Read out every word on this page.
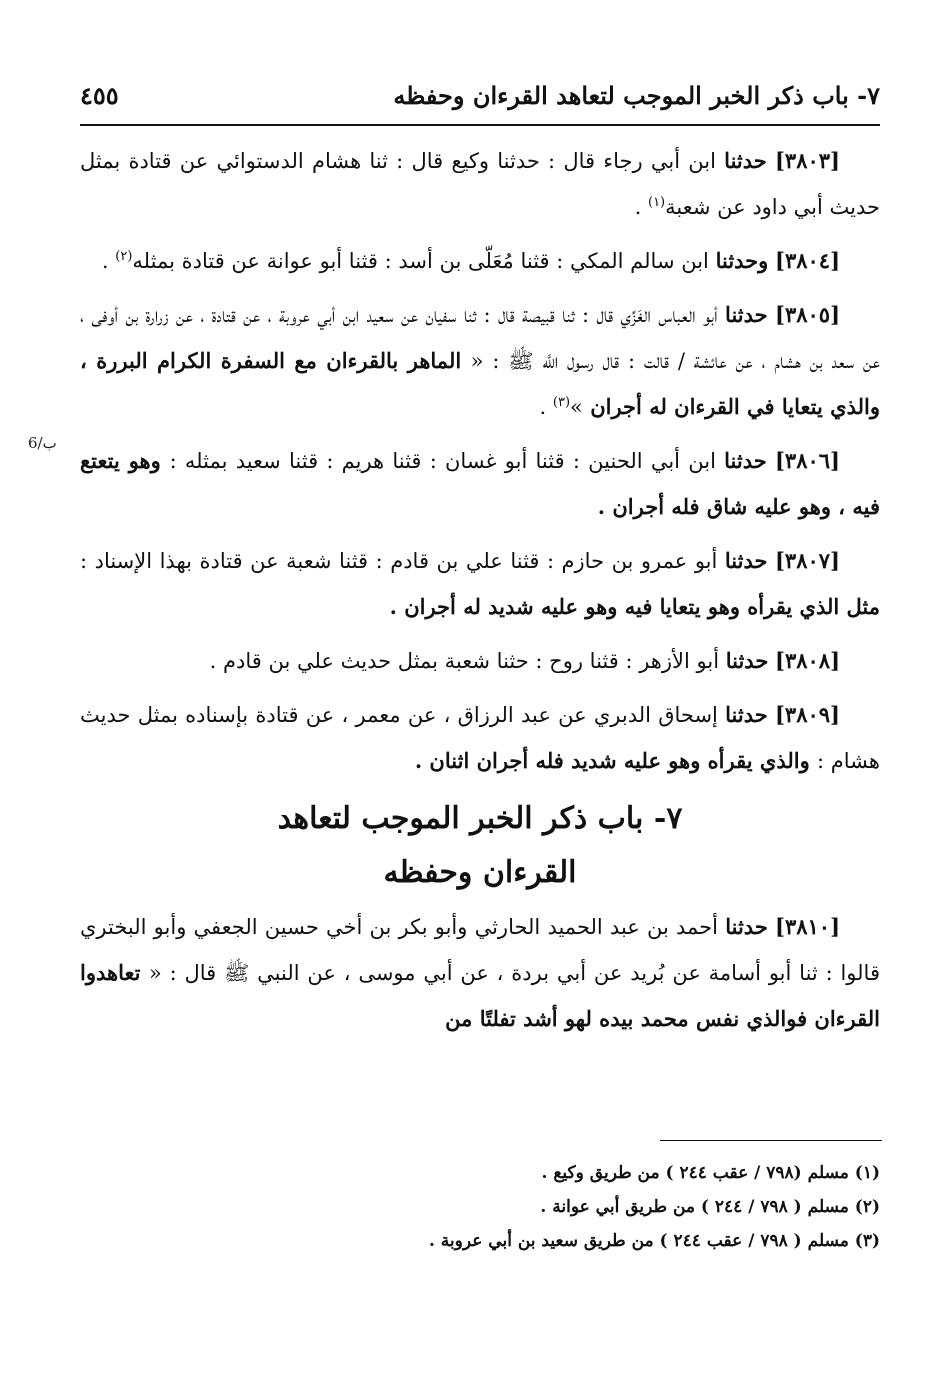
٧- باب ذكر الخبر الموجب لتعاهد القرءان وحفظه
٤٥٥
6/ب

[٣٨٠٣] حدثنا ابن أبي رجاء قال : حدثنا وكيع قال : ثنا هشام الدستوائي عن قتادة بمثل حديث أبي داود عن شعبة$^{(١)}$ .

[٣٨٠٤] وحدثنا ابن سالم المكي : قثنا مُعَلّى بن أسد : قثنا أبو عوانة عن قتادة بمثله$^{(٢)}$ .

[٣٨٠٥] حدثنا أبو العباس الغَزِّي قال : ثنا قبيصة قال : ثنا سفيان عن سعيد ابن أبي عروبة ، عن قتادة ، عن زرارة بن أوفى ، عن سعد بن هشام ، عن عائشة / قالت : قال رسول اللَّه ﷺ : « الماهر بالقرءان مع السفرة الكرام البررة ، والذي يتعايا في القرءان له أجران »$^{(٣)}$ .

[٣٨٠٦] حدثنا ابن أبي الحنين : قثنا أبو غسان : قثنا هريم : قثنا سعيد بمثله : وهو يتعتع فيه ، وهو عليه شاق فله أجران .

[٣٨٠٧] حدثنا أبو عمرو بن حازم : قثنا علي بن قادم : قثنا شعبة عن قتادة بهذا الإسناد : مثل الذي يقرأه وهو يتعايا فيه وهو عليه شديد له أجران .

[٣٨٠٨] حدثنا أبو الأزهر : قثنا روح : حثنا شعبة بمثل حديث علي بن قادم .

[٣٨٠٩] حدثنا إسحاق الدبري عن عبد الرزاق ، عن معمر ، عن قتادة بإسناده بمثل حديث هشام : والذي يقرأه وهو عليه شديد فله أجران اثنان .

٧- باب ذكر الخبر الموجب لتعاهد
القرءان وحفظه

[٣٨١٠] حدثنا أحمد بن عبد الحميد الحارثي وأبو بكر بن أخي حسين الجعفي وأبو البختري قالوا : ثنا أبو أسامة عن بُريد عن أبي بردة ، عن أبي موسى ، عن النبي ﷺ قال : « تعاهدوا القرءان فوالذي نفس محمد بيده لهو أشد تفلتًا من

(١) مسلم (٧٩٨ / عقب ٢٤٤ ) من طريق وكيع .
(٢) مسلم ( ٧٩٨ / ٢٤٤ ) من طريق أبي عوانة .
(٣) مسلم ( ٧٩٨ / عقب ٢٤٤ ) من طريق سعيد بن أبي عروبة .
